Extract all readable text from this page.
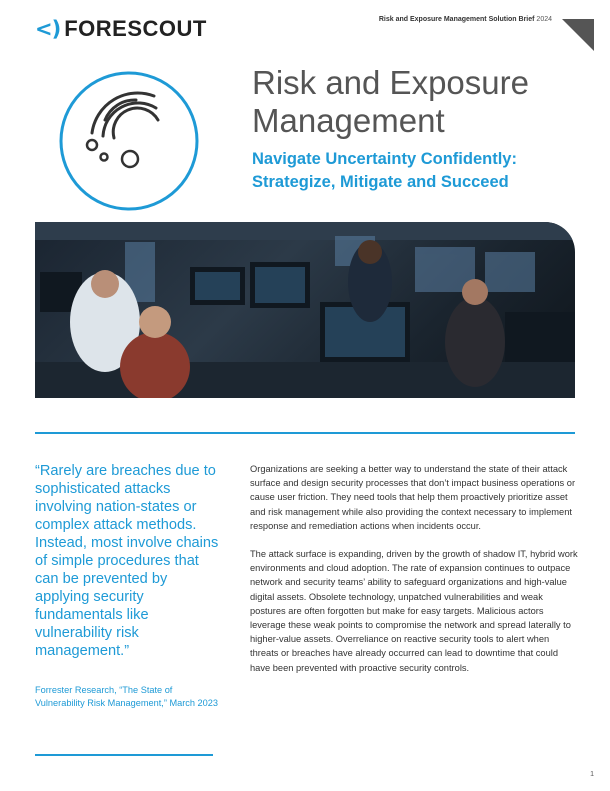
<) FORESCOUT	Risk and Exposure Management Solution Brief 2024
Risk and Exposure
Management
Navigate Uncertainty Confidently:
Strategize, Mitigate and Succeed

“Rarely are breaches due to sophisticated attacks involving nation-states or complex attack methods. Instead, most involve chains of simple procedures that can be prevented by applying security fundamentals like vulnerability risk management.”

Forrester Research, “The State of Vulnerability Risk Management,” March 2023

Organizations are seeking a better way to understand the state of their attack surface and design security processes that don’t impact business operations or cause user friction. They need tools that help them proactively prioritize asset and risk management while also providing the context necessary to implement response and remediation actions when incidents occur.

The attack surface is expanding, driven by the growth of shadow IT, hybrid work environments and cloud adoption. The rate of expansion continues to outpace network and security teams’ ability to safeguard organizations and high-value digital assets. Obsolete technology, unpatched vulnerabilities and weak postures are often forgotten but make for easy targets. Malicious actors leverage these weak points to compromise the network and spread laterally to higher-value assets. Overreliance on reactive security tools to alert when threats or breaches have already occurred can lead to downtime that could have been prevented with proactive security controls.

1
